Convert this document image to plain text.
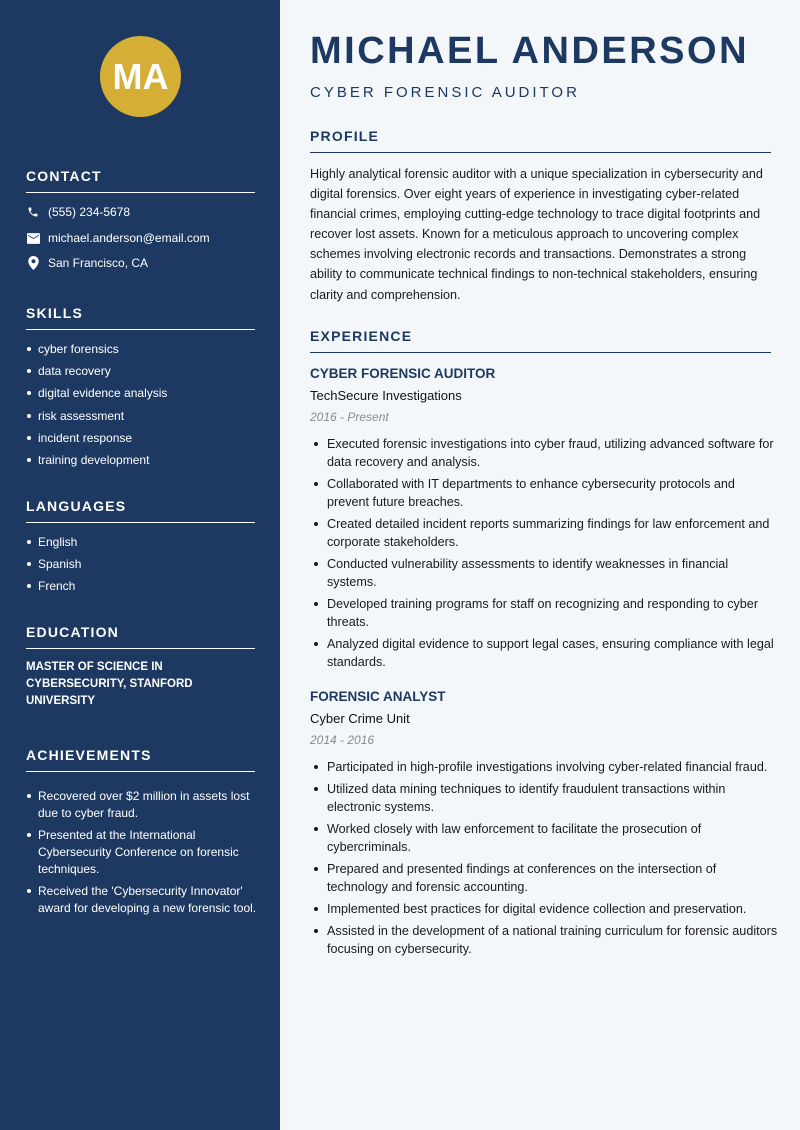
MA
CONTACT
(555) 234-5678
michael.anderson@email.com
San Francisco, CA
SKILLS
cyber forensics
data recovery
digital evidence analysis
risk assessment
incident response
training development
LANGUAGES
English
Spanish
French
EDUCATION
MASTER OF SCIENCE IN CYBERSECURITY, STANFORD UNIVERSITY
ACHIEVEMENTS
Recovered over $2 million in assets lost due to cyber fraud.
Presented at the International Cybersecurity Conference on forensic techniques.
Received the 'Cybersecurity Innovator' award for developing a new forensic tool.
MICHAEL ANDERSON
CYBER FORENSIC AUDITOR
PROFILE
Highly analytical forensic auditor with a unique specialization in cybersecurity and digital forensics. Over eight years of experience in investigating cyber-related financial crimes, employing cutting-edge technology to trace digital footprints and recover lost assets. Known for a meticulous approach to uncovering complex schemes involving electronic records and transactions. Demonstrates a strong ability to communicate technical findings to non-technical stakeholders, ensuring clarity and comprehension.
EXPERIENCE
CYBER FORENSIC AUDITOR
TechSecure Investigations
2016 - Present
Executed forensic investigations into cyber fraud, utilizing advanced software for data recovery and analysis.
Collaborated with IT departments to enhance cybersecurity protocols and prevent future breaches.
Created detailed incident reports summarizing findings for law enforcement and corporate stakeholders.
Conducted vulnerability assessments to identify weaknesses in financial systems.
Developed training programs for staff on recognizing and responding to cyber threats.
Analyzed digital evidence to support legal cases, ensuring compliance with legal standards.
FORENSIC ANALYST
Cyber Crime Unit
2014 - 2016
Participated in high-profile investigations involving cyber-related financial fraud.
Utilized data mining techniques to identify fraudulent transactions within electronic systems.
Worked closely with law enforcement to facilitate the prosecution of cybercriminals.
Prepared and presented findings at conferences on the intersection of technology and forensic accounting.
Implemented best practices for digital evidence collection and preservation.
Assisted in the development of a national training curriculum for forensic auditors focusing on cybersecurity.
